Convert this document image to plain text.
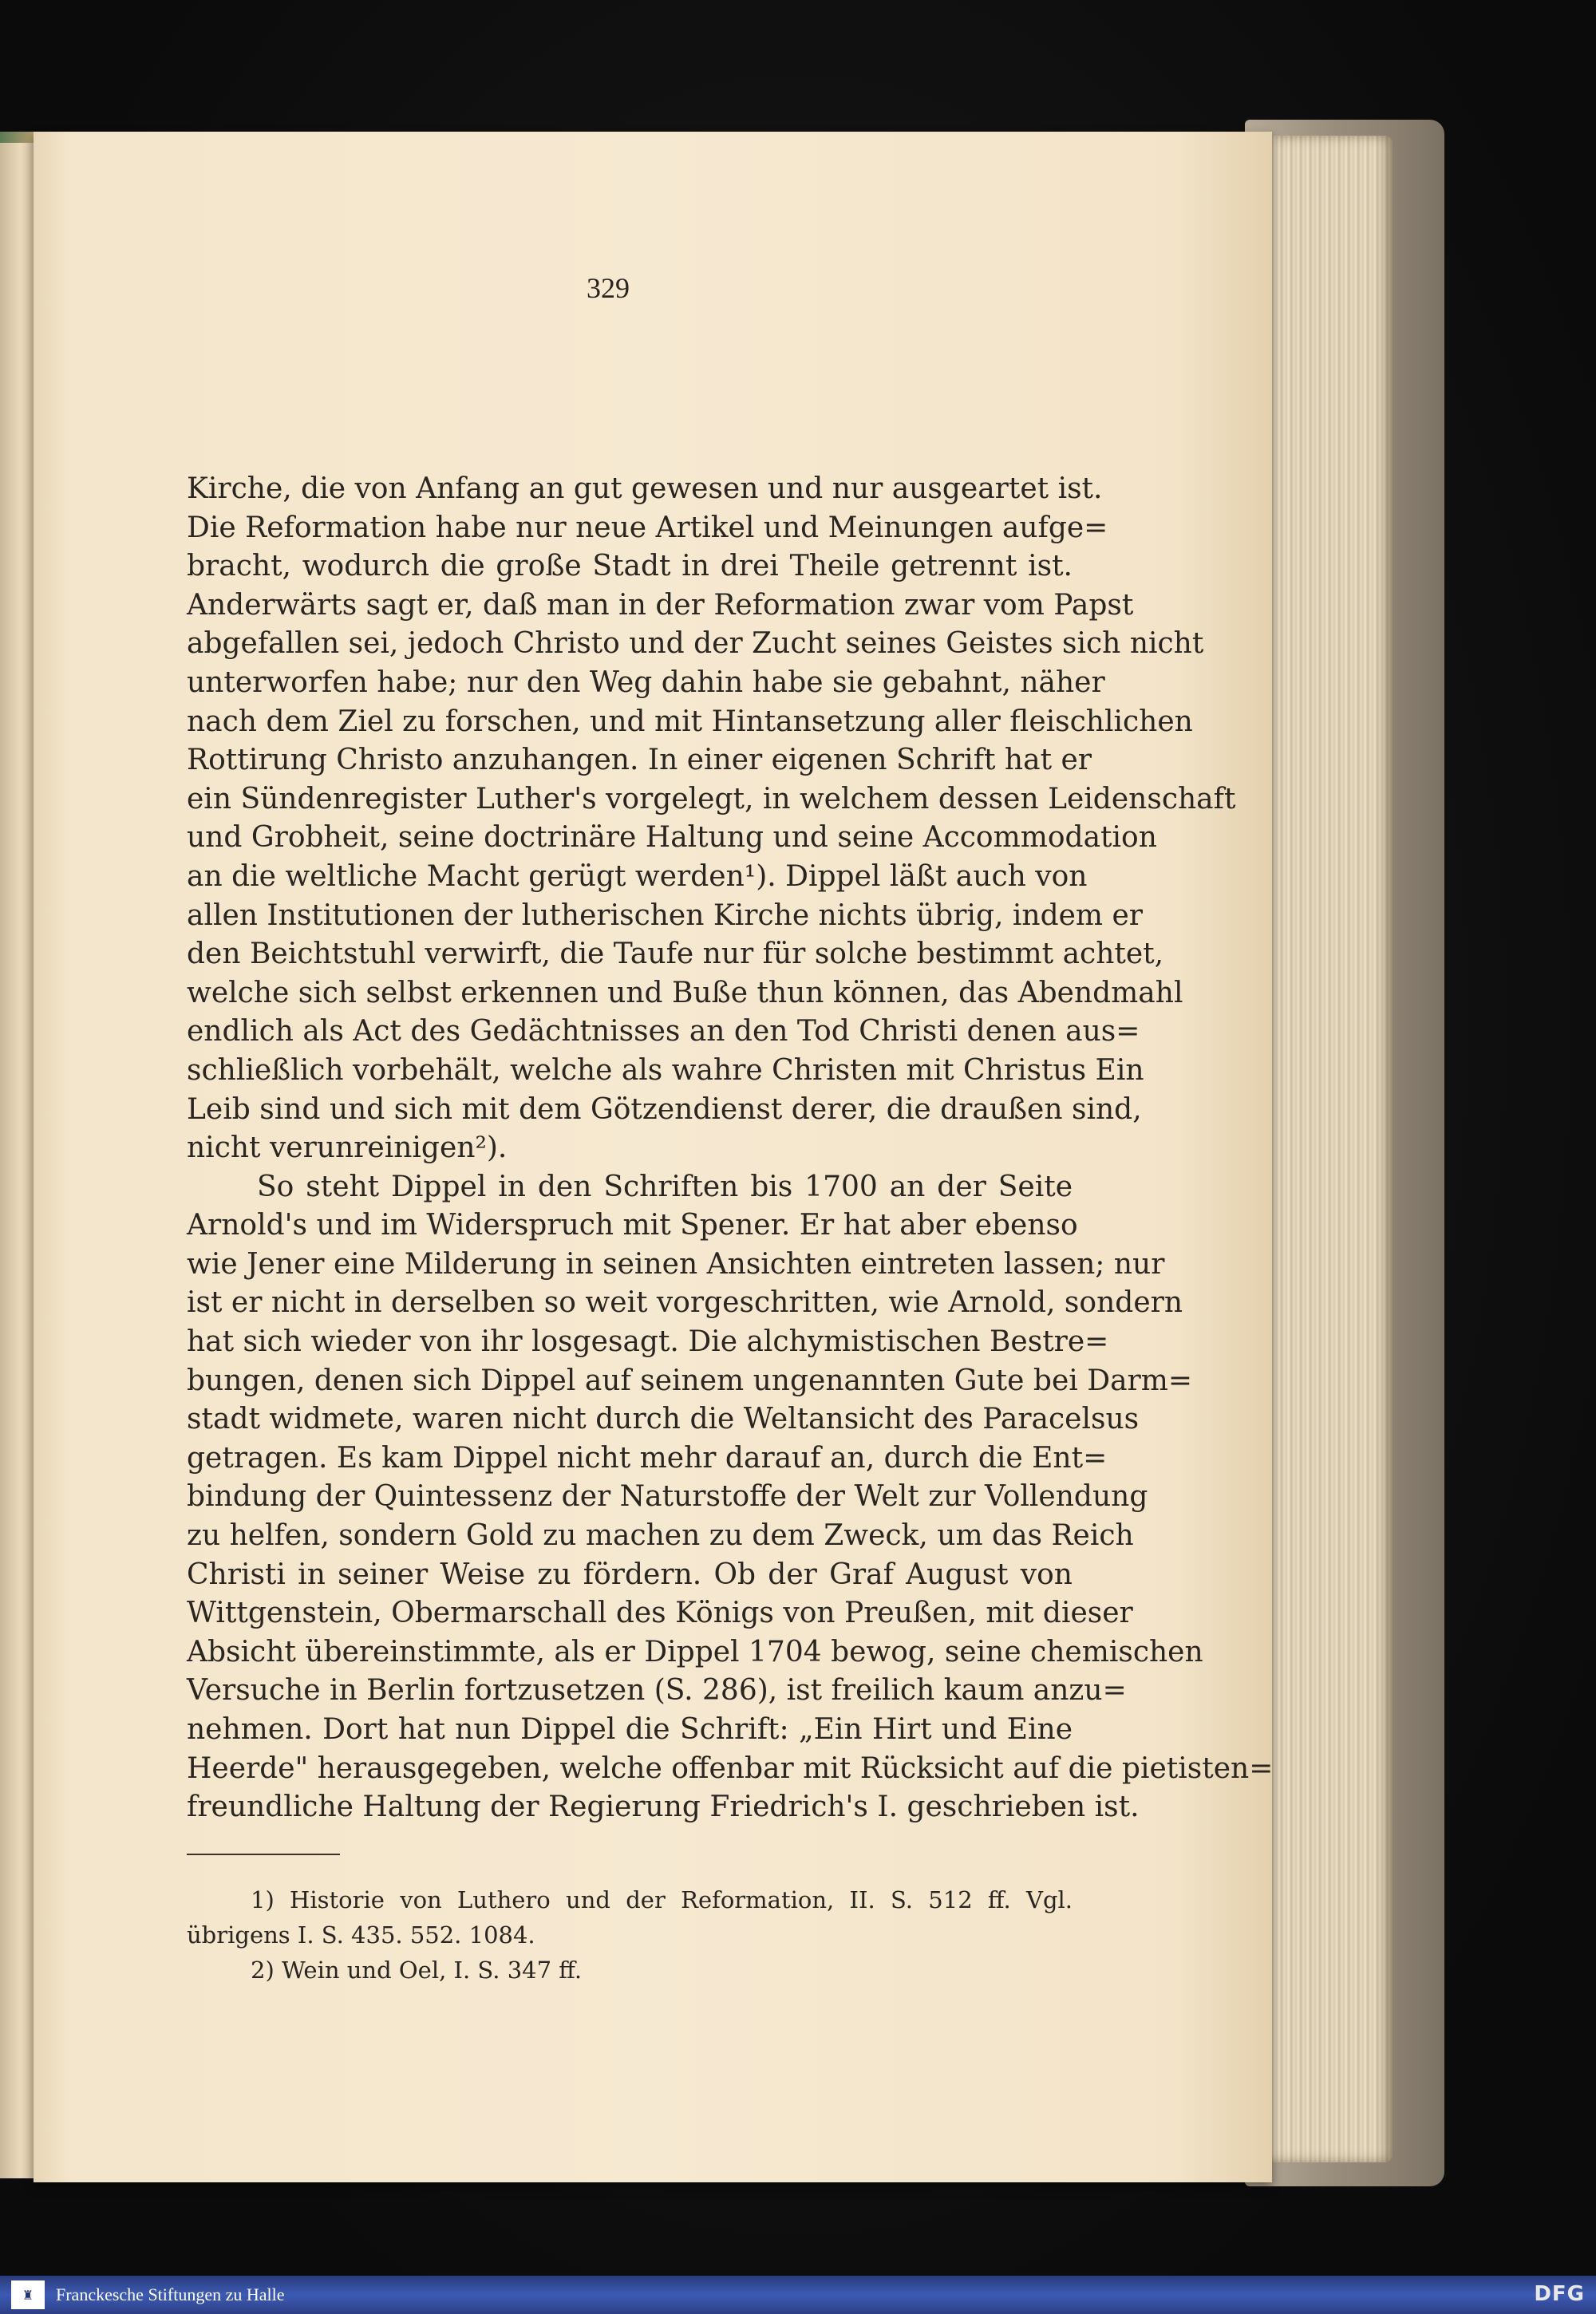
329
Kirche, die von Anfang an gut gewesen und nur ausgeartet ist.
Die Reformation habe nur neue Artikel und Meinungen aufge=
bracht, wodurch die große Stadt in drei Theile getrennt ist.
Anderwärts sagt er, daß man in der Reformation zwar vom Papst
abgefallen sei, jedoch Christo und der Zucht seines Geistes sich nicht
unterworfen habe; nur den Weg dahin habe sie gebahnt, näher
nach dem Ziel zu forschen, und mit Hintansetzung aller fleischlichen
Rottirung Christo anzuhangen. In einer eigenen Schrift hat er
ein Sündenregister Luther's vorgelegt, in welchem dessen Leidenschaft
und Grobheit, seine doctrinäre Haltung und seine Accommodation
an die weltliche Macht gerügt werden¹). Dippel läßt auch von
allen Institutionen der lutherischen Kirche nichts übrig, indem er
den Beichtstuhl verwirft, die Taufe nur für solche bestimmt achtet,
welche sich selbst erkennen und Buße thun können, das Abendmahl
endlich als Act des Gedächtnisses an den Tod Christi denen aus=
schließlich vorbehält, welche als wahre Christen mit Christus Ein
Leib sind und sich mit dem Götzendienst derer, die draußen sind,
nicht verunreinigen²).
So steht Dippel in den Schriften bis 1700 an der Seite
Arnold's und im Widerspruch mit Spener. Er hat aber ebenso
wie Jener eine Milderung in seinen Ansichten eintreten lassen; nur
ist er nicht in derselben so weit vorgeschritten, wie Arnold, sondern
hat sich wieder von ihr losgesagt. Die alchymistischen Bestre=
bungen, denen sich Dippel auf seinem ungenannten Gute bei Darm=
stadt widmete, waren nicht durch die Weltansicht des Paracelsus
getragen. Es kam Dippel nicht mehr darauf an, durch die Ent=
bindung der Quintessenz der Naturstoffe der Welt zur Vollendung
zu helfen, sondern Gold zu machen zu dem Zweck, um das Reich
Christi in seiner Weise zu fördern. Ob der Graf August von
Wittgenstein, Obermarschall des Königs von Preußen, mit dieser
Absicht übereinstimmte, als er Dippel 1704 bewog, seine chemischen
Versuche in Berlin fortzusetzen (S. 286), ist freilich kaum anzu=
nehmen. Dort hat nun Dippel die Schrift: „Ein Hirt und Eine
Heerde" herausgegeben, welche offenbar mit Rücksicht auf die pietisten=
freundliche Haltung der Regierung Friedrich's I. geschrieben ist.
1) Historie von Luthero und der Reformation, II. S. 512 ff. Vgl.
übrigens I. S. 435. 552. 1084.
2) Wein und Oel, I. S. 347 ff.
♜	Franckesche Stiftungen zu Halle	DFG
